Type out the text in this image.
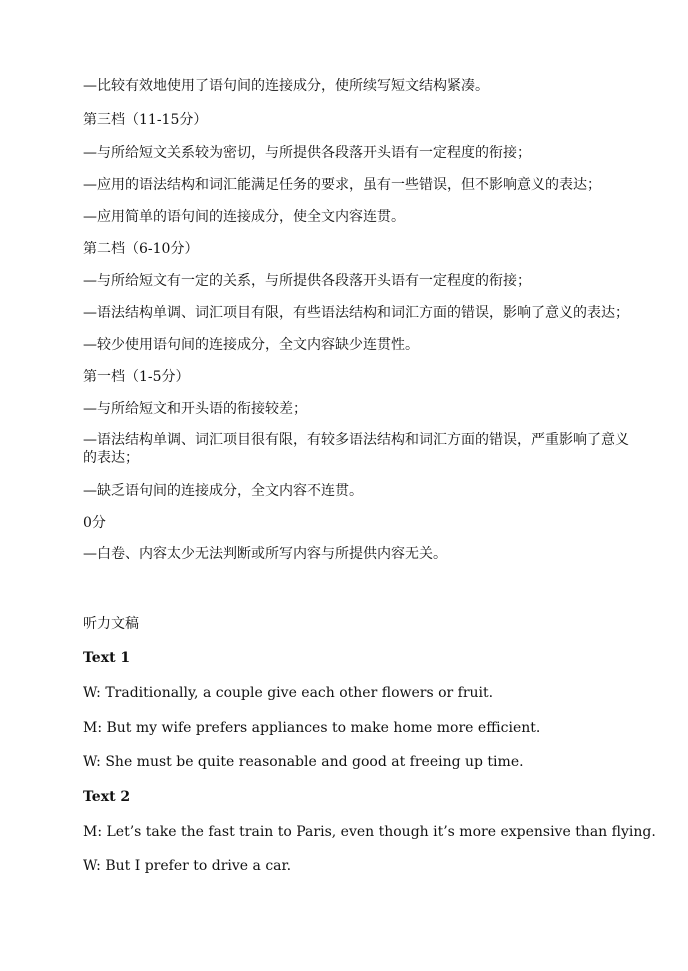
—比较有效地使用了语句间的连接成分，使所续写短文结构紧凑。
第三档（11-15分）
—与所给短文关系较为密切，与所提供各段落开头语有一定程度的衔接；
—应用的语法结构和词汇能满足任务的要求，虽有一些错误，但不影响意义的表达；
—应用简单的语句间的连接成分，使全文内容连贯。
第二档（6-10分）
—与所给短文有一定的关系，与所提供各段落开头语有一定程度的衔接；
—语法结构单调、词汇项目有限，有些语法结构和词汇方面的错误，影响了意义的表达；
—较少使用语句间的连接成分，全文内容缺少连贯性。
第一档（1-5分）
—与所给短文和开头语的衔接较差；
—语法结构单调、词汇项目很有限，有较多语法结构和词汇方面的错误，严重影响了意义的表达；
—缺乏语句间的连接成分，全文内容不连贯。
0分
—白卷、内容太少无法判断或所写内容与所提供内容无关。
听力文稿
Text 1
W: Traditionally, a couple give each other flowers or fruit.
M: But my wife prefers appliances to make home more efficient.
W: She must be quite reasonable and good at freeing up time.
Text 2
M: Let’s take the fast train to Paris, even though it’s more expensive than flying.
W: But I prefer to drive a car.
